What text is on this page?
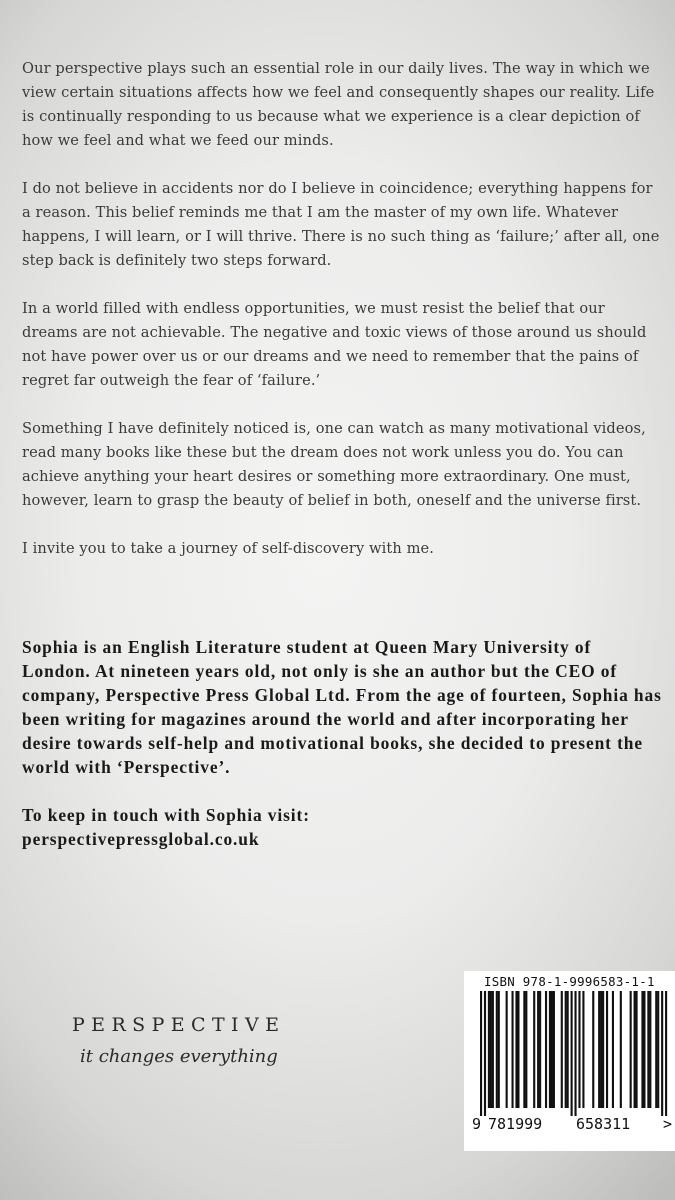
Our perspective plays such an essential role in our daily lives. The way in which we view certain situations affects how we feel and consequently shapes our reality. Life is continually responding to us because what we experience is a clear depiction of how we feel and what we feed our minds.

I do not believe in accidents nor do I believe in coincidence; everything happens for a reason. This belief reminds me that I am the master of my own life. Whatever happens, I will learn, or I will thrive. There is no such thing as ‘failure;’ after all, one step back is definitely two steps forward.

In a world filled with endless opportunities, we must resist the belief that our dreams are not achievable. The negative and toxic views of those around us should not have power over us or our dreams and we need to remember that the pains of regret far outweigh the fear of ‘failure.’

Something I have definitely noticed is, one can watch as many motivational videos, read many books like these but the dream does not work unless you do. You can achieve anything your heart desires or something more extraordinary. One must, however, learn to grasp the beauty of belief in both, oneself and the universe first.

I invite you to take a journey of self-discovery with me.

Sophia is an English Literature student at Queen Mary University of London. At nineteen years old, not only is she an author but the CEO of company, Perspective Press Global Ltd. From the age of fourteen, Sophia has been writing for magazines around the world and after incorporating her desire towards self-help and motivational books, she decided to present the world with ‘Perspective’.

To keep in touch with Sophia visit:
perspectivepressglobal.co.uk
PERSPECTIVE
it changes everything
ISBN 978-1-9996583-1-1
9 781999 658311 >
